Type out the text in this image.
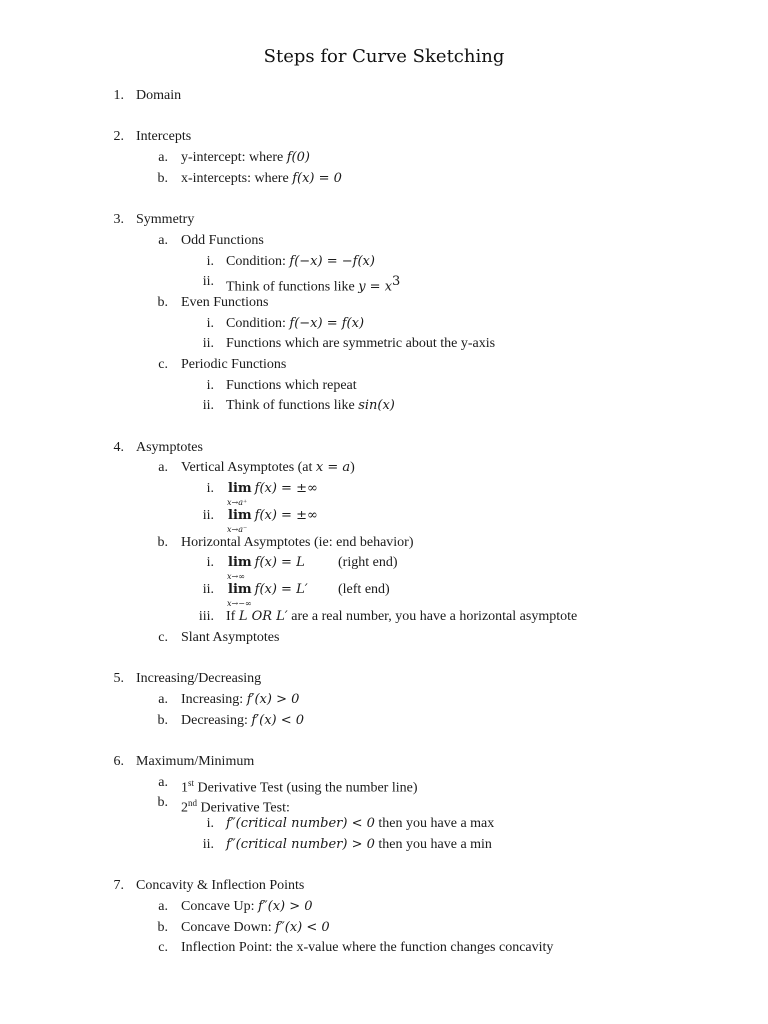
Steps for Curve Sketching
1. Domain
2. Intercepts
a. y-intercept: where f(0)
b. x-intercepts: where f(x) = 0
3. Symmetry
a. Odd Functions
i. Condition: f(−x) = −f(x)
ii. Think of functions like $y = x^3$
b. Even Functions
i. Condition: f(−x) = f(x)
ii. Functions which are symmetric about the y-axis
c. Periodic Functions
i. Functions which repeat
ii. Think of functions like sin(x)
4. Asymptotes
a. Vertical Asymptotes (at x = a)
i. lim
x→a⁺
f(x) = ±∞
ii. lim
x→a⁻
f(x) = ±∞
b. Horizontal Asymptotes (ie: end behavior)
i. lim
x→∞
f(x) = L (right end)
ii. lim
x→−∞
f(x) = L′ (left end)
iii. If L OR L′ are a real number, you have a horizontal asymptote
c. Slant Asymptotes
5. Increasing/Decreasing
a. Increasing: f′(x) > 0
b. Decreasing: f′(x) < 0
6. Maximum/Minimum
a. 1st Derivative Test (using the number line)
b. 2nd Derivative Test:
i. f″(critical number) < 0 then you have a max
ii. f″(critical number) > 0 then you have a min
7. Concavity & Inflection Points
a. Concave Up: f″(x) > 0
b. Concave Down: f″(x) < 0
c. Inflection Point: the x-value where the function changes concavity
